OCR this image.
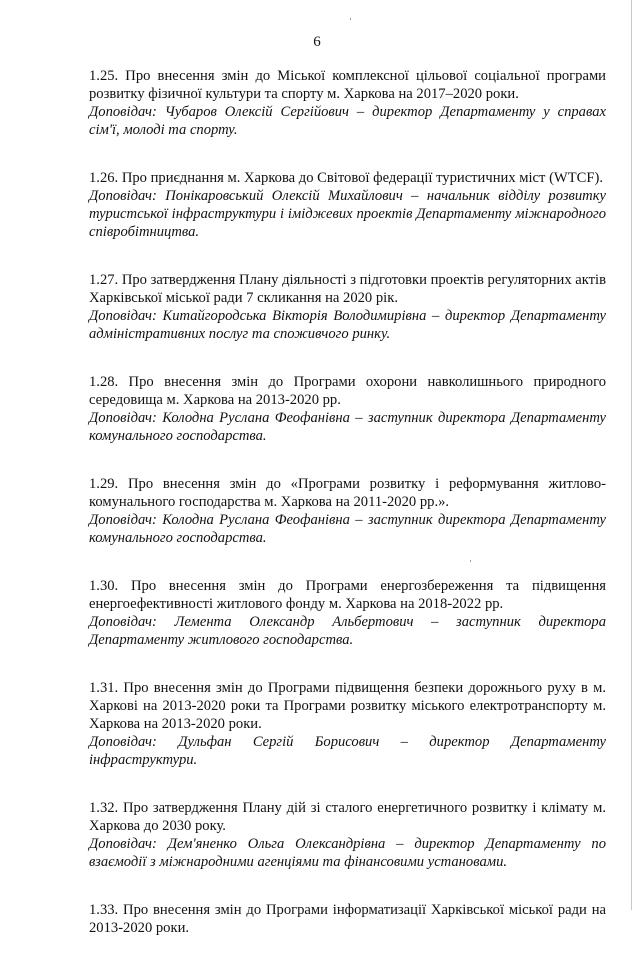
6

1.25. Про внесення змін до Міської комплексної цільової соціальної програми розвитку фізичної культури та спорту м. Харкова на 2017–2020 роки.

Доповідач: Чубаров Олексій Сергійович – директор Департаменту у справах сім'ї, молоді та спорту.

1.26. Про приєднання м. Харкова до Світової федерації туристичних міст (WTCF).

Доповідач: Понікаровський Олексій Михайлович – начальник відділу розвитку туристської інфраструктури і іміджевих проектів Департаменту міжнародного співробітництва.

1.27. Про затвердження Плану діяльності з підготовки проектів регуляторних актів Харківської міської ради 7 скликання на 2020 рік.

Доповідач: Китайгородська Вікторія Володимирівна – директор Департаменту адміністративних послуг та споживчого ринку.

1.28. Про внесення змін до Програми охорони навколишнього природного середовища м. Харкова на 2013-2020 рр.

Доповідач: Колодна Руслана Феофанівна – заступник директора Департаменту комунального господарства.

1.29. Про внесення змін до «Програми розвитку і реформування житлово-комунального господарства м. Харкова на 2011-2020 рр.».

Доповідач: Колодна Руслана Феофанівна – заступник директора Департаменту комунального господарства.

1.30. Про внесення змін до Програми енергозбереження та підвищення енергоефективності житлового фонду м. Харкова на 2018-2022 рр.

Доповідач: Лемента Олександр Альбертович – заступник директора Департаменту житлового господарства.

1.31. Про внесення змін до Програми підвищення безпеки дорожнього руху в м. Харкові на 2013-2020 роки та Програми розвитку міського електротранспорту м. Харкова на 2013-2020 роки.

Доповідач: Дульфан Сергій Борисович – директор Департаменту інфраструктури.

1.32. Про затвердження Плану дій зі сталого енергетичного розвитку і клімату м. Харкова до 2030 року.

Доповідач: Дем'яненко Ольга Олександрівна – директор Департаменту по взаємодії з міжнародними агенціями та фінансовими установами.

1.33. Про внесення змін до Програми інформатизації Харківської міської ради на 2013-2020 роки.
